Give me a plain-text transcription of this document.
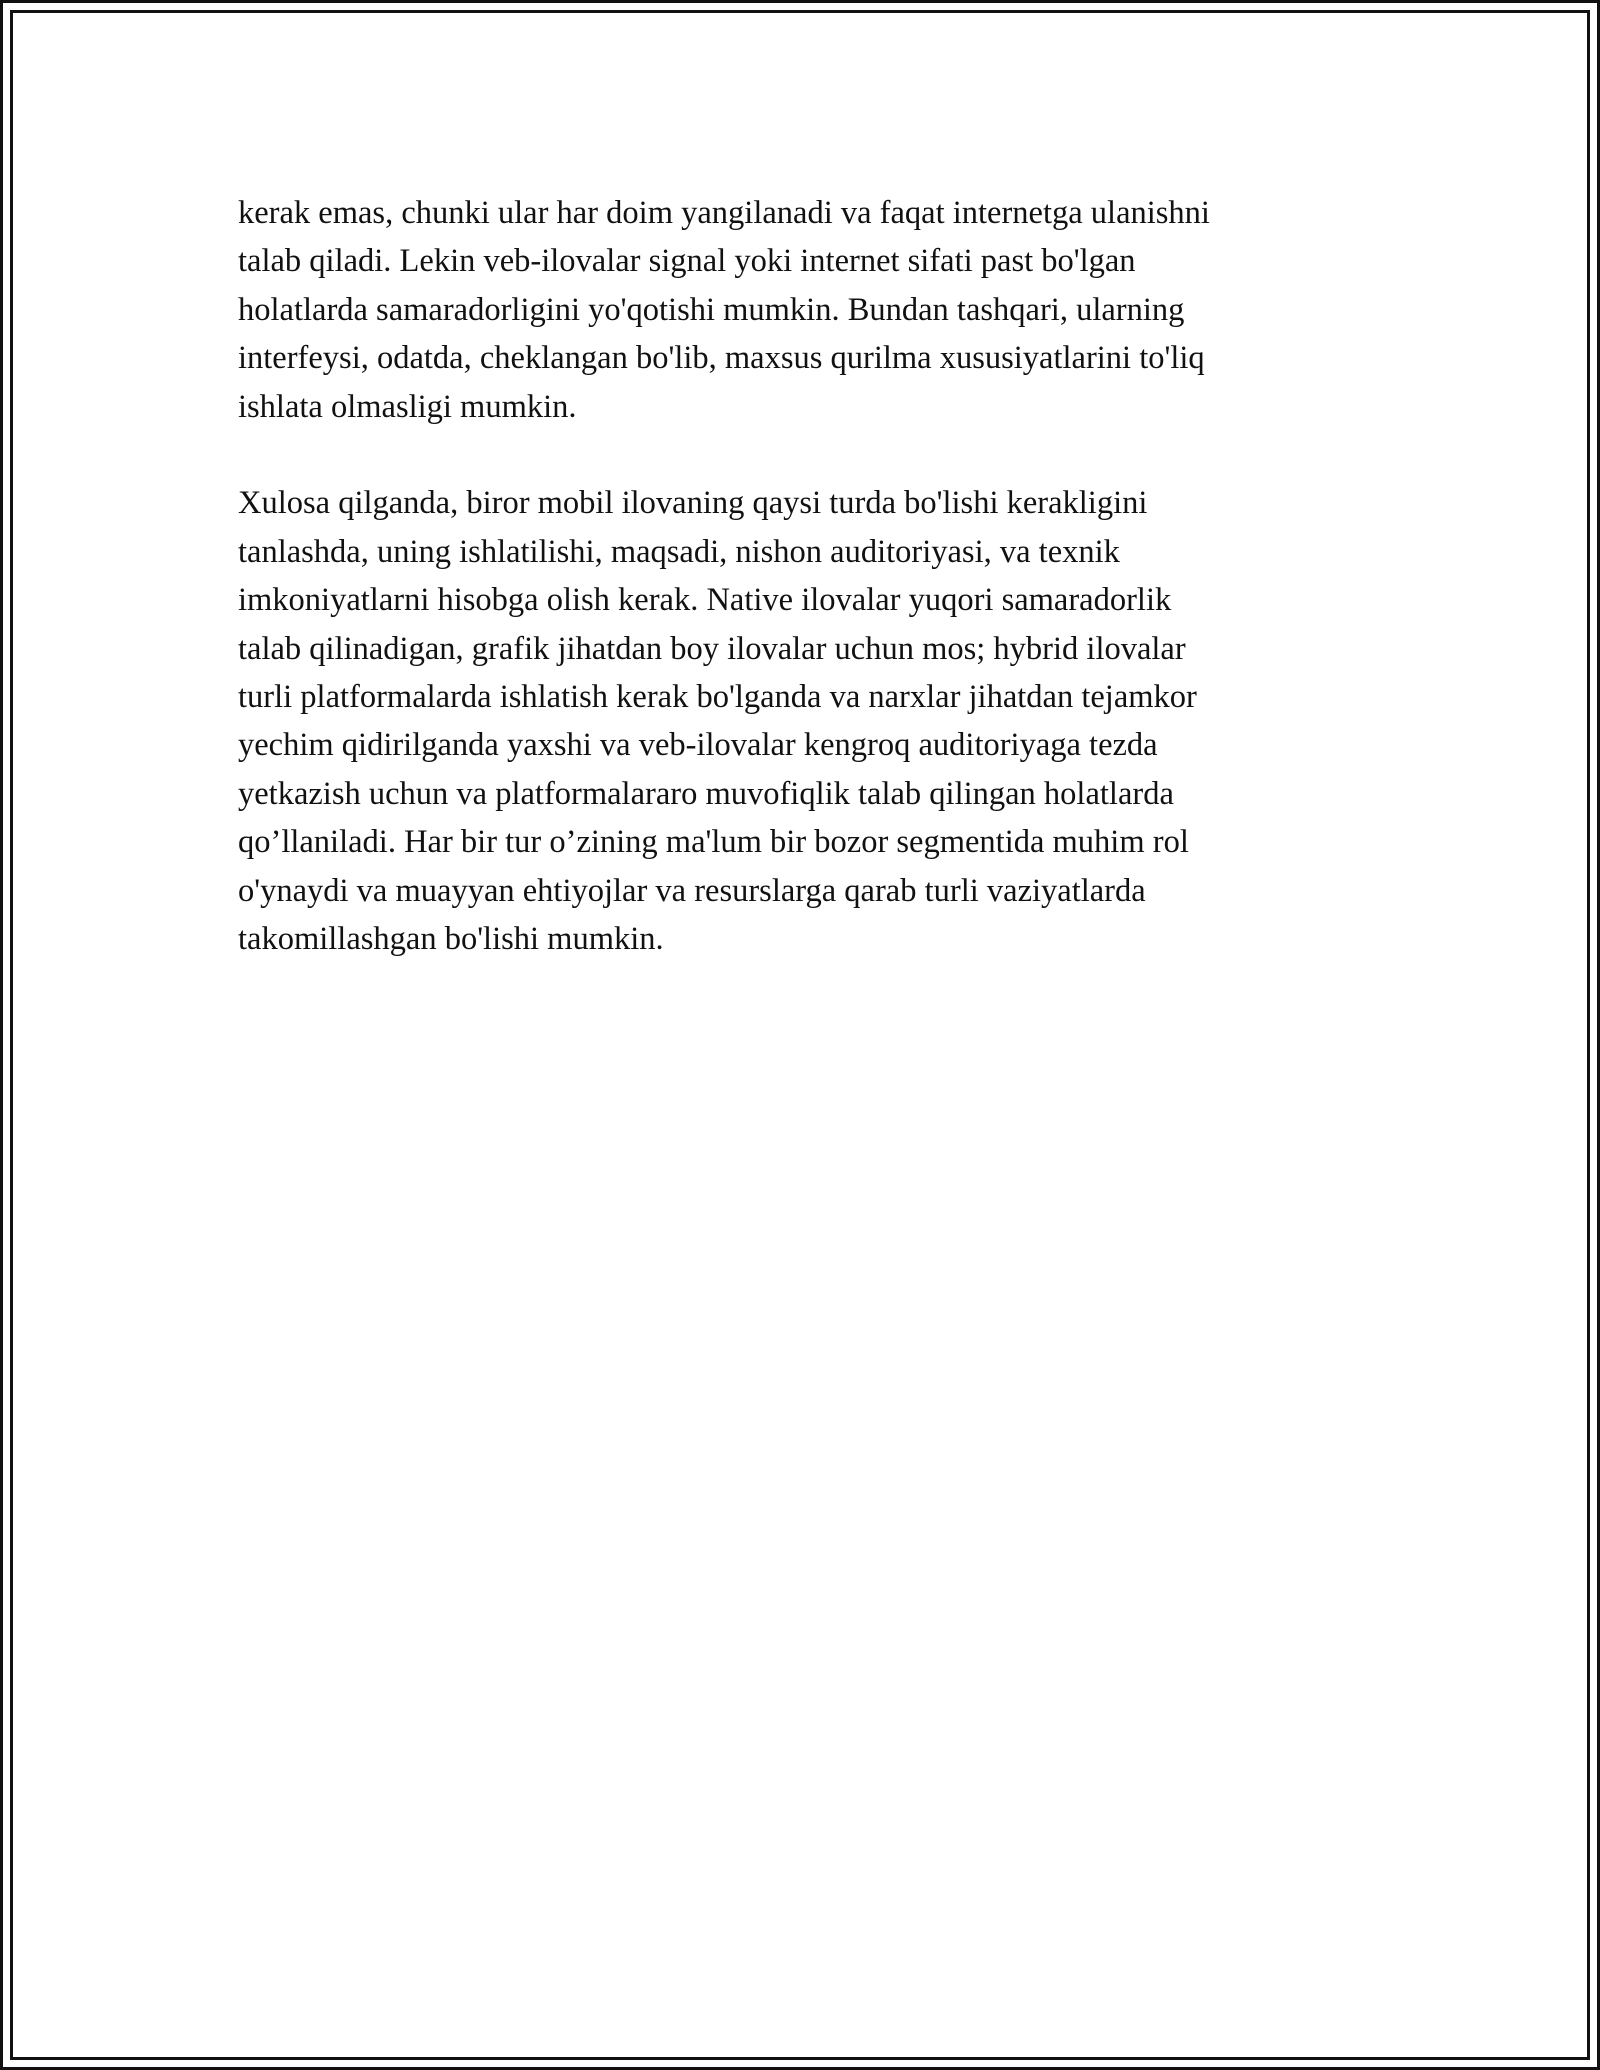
kerak emas, chunki ular har doim yangilanadi va faqat internetga ulanishni
talab qiladi. Lekin veb-ilovalar signal yoki internet sifati past bo'lgan
holatlarda samaradorligini yo'qotishi mumkin. Bundan tashqari, ularning
interfeysi, odatda, cheklangan bo'lib, maxsus qurilma xususiyatlarini to'liq
ishlata olmasligi mumkin.
Xulosa qilganda, biror mobil ilovaning qaysi turda bo'lishi kerakligini
tanlashda, uning ishlatilishi, maqsadi, nishon auditoriyasi, va texnik
imkoniyatlarni hisobga olish kerak. Native ilovalar yuqori samaradorlik
talab qilinadigan, grafik jihatdan boy ilovalar uchun mos; hybrid ilovalar
turli platformalarda ishlatish kerak bo'lganda va narxlar jihatdan tejamkor
yechim qidirilganda yaxshi va veb-ilovalar kengroq auditoriyaga tezda
yetkazish uchun va platformalararo muvofiqlik talab qilingan holatlarda
qo’llaniladi. Har bir tur o’zining ma'lum bir bozor segmentida muhim rol
o'ynaydi va muayyan ehtiyojlar va resurslarga qarab turli vaziyatlarda
takomillashgan bo'lishi mumkin.
